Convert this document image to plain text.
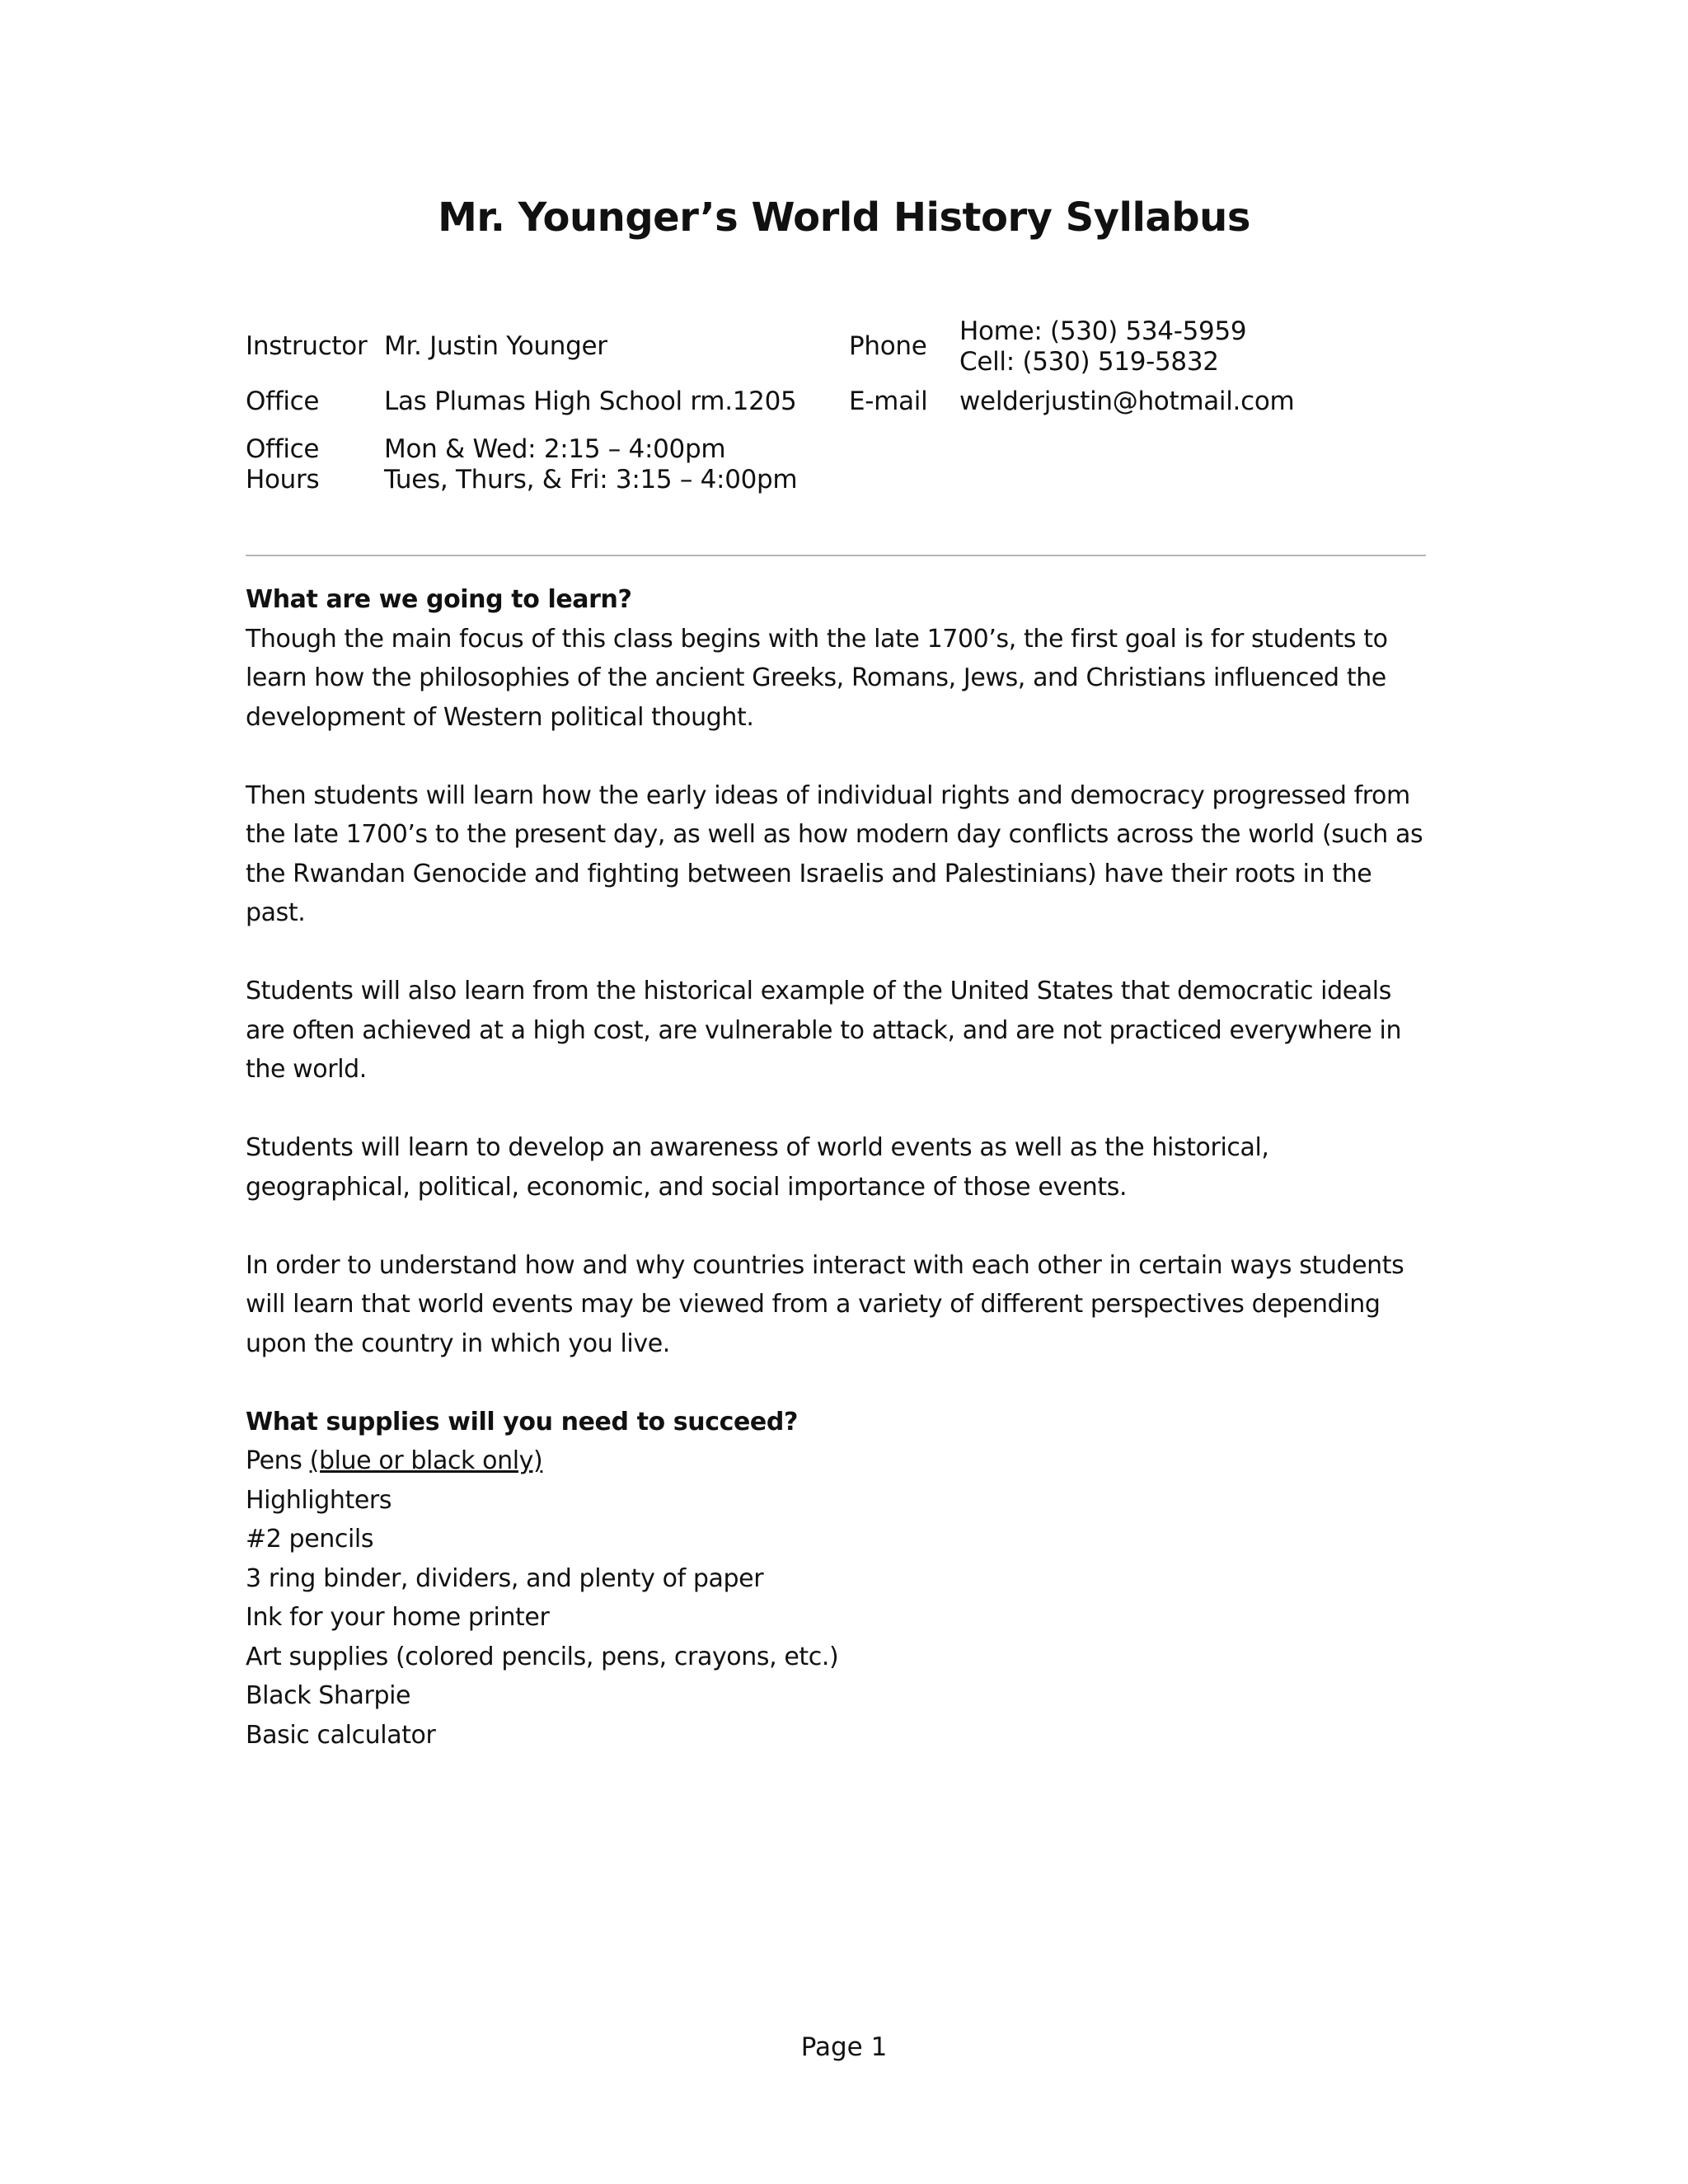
Mr. Younger’s World History Syllabus
Instructor Mr. Justin Younger	Phone Home: (530) 534-5959
Cell: (530) 519-5832
Office	Las Plumas High School rm.1205 E-mail welderjustin@hotmail.com
Office
Hours
Mon & Wed: 2:15 – 4:00pm
Tues, Thurs, & Fri: 3:15 – 4:00pm

What are we going to learn?

Though the main focus of this class begins with the late 1700’s, the first goal is for students to learn how the philosophies of the ancient Greeks, Romans, Jews, and Christians influenced the development of Western political thought.

Then students will learn how the early ideas of individual rights and democracy progressed from the late 1700’s to the present day, as well as how modern day conflicts across the world (such as the Rwandan Genocide and fighting between Israelis and Palestinians) have their roots in the past.

Students will also learn from the historical example of the United States that democratic ideals are often achieved at a high cost, are vulnerable to attack, and are not practiced everywhere in the world.

Students will learn to develop an awareness of world events as well as the historical, geographical, political, economic, and social importance of those events.

In order to understand how and why countries interact with each other in certain ways students will learn that world events may be viewed from a variety of different perspectives depending upon the country in which you live.

What supplies will you need to succeed?

Pens (blue or black only)
Highlighters
#2 pencils
3 ring binder, dividers, and plenty of paper
Ink for your home printer
Art supplies (colored pencils, pens, crayons, etc.)
Black Sharpie
Basic calculator
Page 1
